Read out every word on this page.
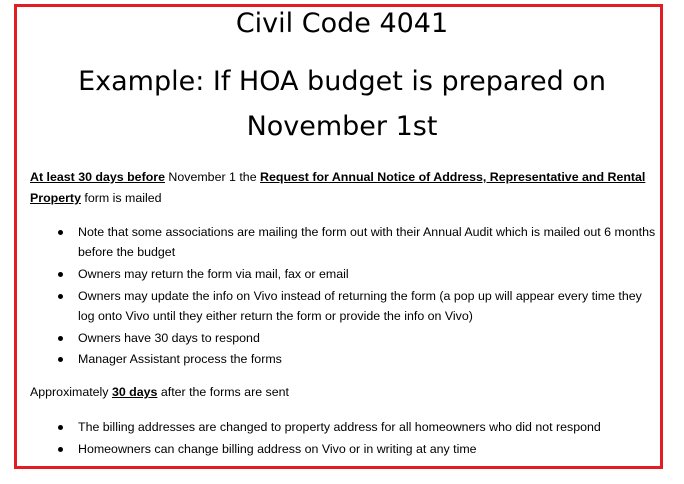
Civil Code 4041
Example: If HOA budget is prepared on
November 1st
At least 30 days before November 1 the Request for Annual Notice of Address, Representative and Rental Property form is mailed
Note that some associations are mailing the form out with their Annual Audit which is mailed out 6 months before the budget
Owners may return the form via mail, fax or email
Owners may update the info on Vivo instead of returning the form (a pop up will appear every time they log onto Vivo until they either return the form or provide the info on Vivo)
Owners have 30 days to respond
Manager Assistant process the forms
Approximately 30 days after the forms are sent
The billing addresses are changed to property address for all homeowners who did not respond
Homeowners can change billing address on Vivo or in writing at any time
